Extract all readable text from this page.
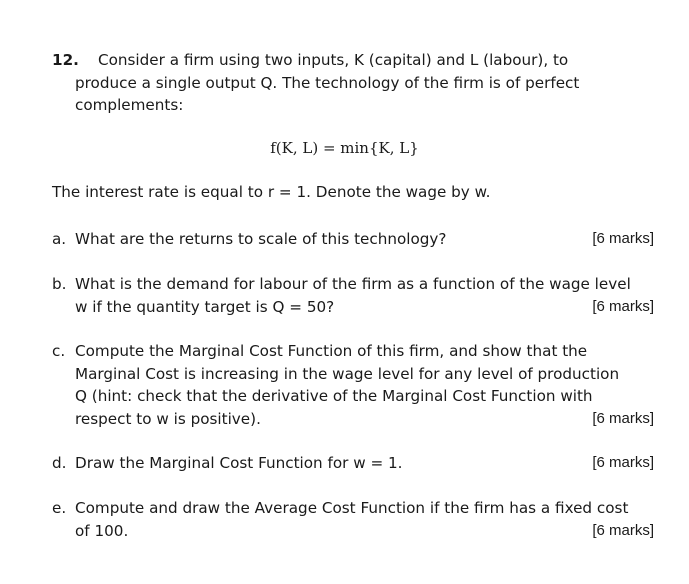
12. Consider a firm using two inputs, K (capital) and L (labour), to
produce a single output Q. The technology of the firm is of perfect
complements:
f(K, L) = min{K, L}
The interest rate is equal to r = 1. Denote the wage by w.
a. What are the returns to scale of this technology?	[6 marks]
b. What is the demand for labour of the firm as a function of the wage level
w if the quantity target is Q = 50?	[6 marks]
c. Compute the Marginal Cost Function of this firm, and show that the
Marginal Cost is increasing in the wage level for any level of production
Q (hint: check that the derivative of the Marginal Cost Function with
respect to w is positive).	[6 marks]
d. Draw the Marginal Cost Function for w = 1.	[6 marks]
e. Compute and draw the Average Cost Function if the firm has a fixed cost
of 100.	[6 marks]
